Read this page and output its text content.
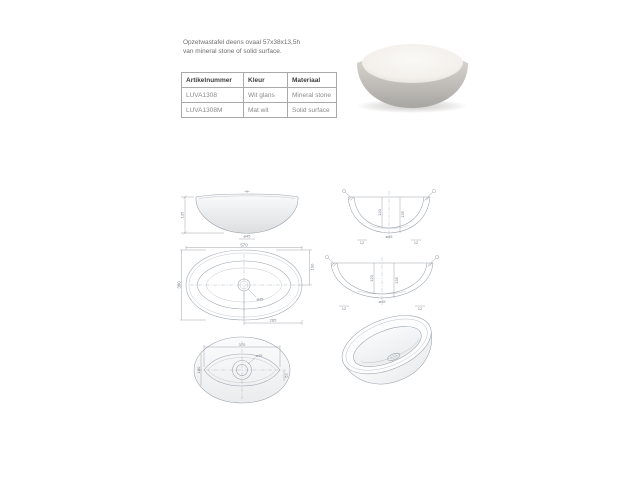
Opzetwastafel deens ovaal 57x38x13,5h
van mineral stone of solid surface.
Artikelnummer	Kleur	Materiaal
LUVA1308	Wit glans	Mineral stone
LUVA1308M	Mat wit	Solid surface
135
ø45
120	135
12	12
ø45
570
380
190
285
ø45
120	135
12	12
ø45
370
180
52
ø45
